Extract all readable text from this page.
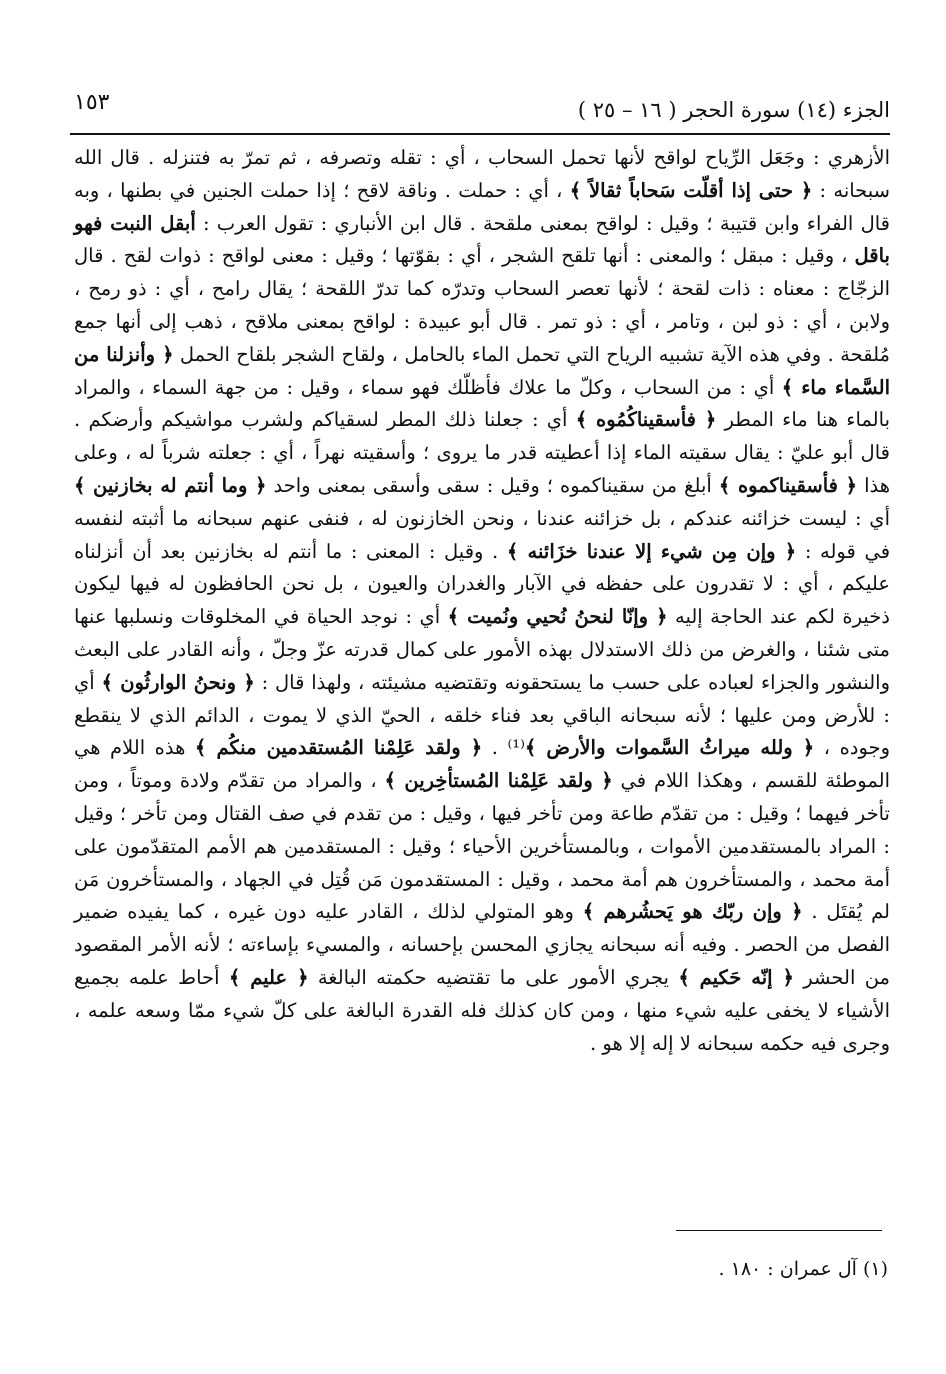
الجزء (١٤) سورة الحجر ( ١٦ – ٢٥ )
١٥٣

الأزهري : وجَعَل الرِّياح لواقح لأنها تحمل السحاب ، أي : تقله وتصرفه ، ثم تمرّ به فتنزله . قال الله سبحانه : ﴿ حتى إذا أقلّت سَحاباً ثقالاً ﴾ ، أي : حملت . وناقة لاقح ؛ إذا حملت الجنين في بطنها ، وبه قال الفراء وابن قتيبة ؛ وقيل : لواقح بمعنى ملقحة . قال ابن الأنباري : تقول العرب : أبقل النبت فهو باقل ، وقيل : مبقل ؛ والمعنى : أنها تلقح الشجر ، أي : بقوّتها ؛ وقيل : معنى لواقح : ذوات لقح . قال الزجّاج : معناه : ذات لقحة ؛ لأنها تعصر السحاب وتدرّه كما تدرّ اللقحة ؛ يقال رامح ، أي : ذو رمح ، ولابن ، أي : ذو لبن ، وتامر ، أي : ذو تمر . قال أبو عبيدة : لواقح بمعنى ملاقح ، ذهب إلى أنها جمع مُلقحة . وفي هذه الآية تشبيه الرياح التي تحمل الماء بالحامل ، ولقاح الشجر بلقاح الحمل ﴿ وأنزلنا من السَّماء ماء ﴾ أي : من السحاب ، وكلّ ما علاك فأظلّك فهو سماء ، وقيل : من جهة السماء ، والمراد بالماء هنا ماء المطر ﴿ فأسقيناكُمُوه ﴾ أي : جعلنا ذلك المطر لسقياكم ولشرب مواشيكم وأرضكم . قال أبو عليّ : يقال سقيته الماء إذا أعطيته قدر ما يروى ؛ وأسقيته نهراً ، أي : جعلته شرباً له ، وعلى هذا ﴿ فأسقيناكموه ﴾ أبلغ من سقيناكموه ؛ وقيل : سقى وأسقى بمعنى واحد ﴿ وما أنتم له بخازنين ﴾ أي : ليست خزائنه عندكم ، بل خزائنه عندنا ، ونحن الخازنون له ، فنفى عنهم سبحانه ما أثبته لنفسه في قوله : ﴿ وإن مِن شيء إلا عندنا خزَائنه ﴾ . وقيل : المعنى : ما أنتم له بخازنين بعد أن أنزلناه عليكم ، أي : لا تقدرون على حفظه في الآبار والغدران والعيون ، بل نحن الحافظون له فيها ليكون ذخيرة لكم عند الحاجة إليه ﴿ وإنّا لنحنُ نُحيي ونُميت ﴾ أي : نوجد الحياة في المخلوقات ونسلبها عنها متى شئنا ، والغرض من ذلك الاستدلال بهذه الأمور على كمال قدرته عزّ وجلّ ، وأنه القادر على البعث والنشور والجزاء لعباده على حسب ما يستحقونه وتقتضيه مشيئته ، ولهذا قال : ﴿ ونحنُ الوارثُون ﴾ أي : للأرض ومن عليها ؛ لأنه سبحانه الباقي بعد فناء خلقه ، الحيّ الذي لا يموت ، الدائم الذي لا ينقطع وجوده ، ﴿ ولله ميراثُ السَّموات والأرض ﴾⁽¹⁾ . ﴿ ولقد عَلِمْنا المُستقدمين منكُم ﴾ هذه اللام هي الموطئة للقسم ، وهكذا اللام في ﴿ ولقد عَلِمْنا المُستأخِرين ﴾ ، والمراد من تقدّم ولادة وموتاً ، ومن تأخر فيهما ؛ وقيل : من تقدّم طاعة ومن تأخر فيها ، وقيل : من تقدم في صف القتال ومن تأخر ؛ وقيل : المراد بالمستقدمين الأموات ، وبالمستأخرين الأحياء ؛ وقيل : المستقدمين هم الأمم المتقدّمون على أمة محمد ، والمستأخرون هم أمة محمد ، وقيل : المستقدمون مَن قُتِل في الجهاد ، والمستأخرون مَن لم يُقتَل . ﴿ وإن ربّك هو يَحشُرهم ﴾ وهو المتولي لذلك ، القادر عليه دون غيره ، كما يفيده ضمير الفصل من الحصر . وفيه أنه سبحانه يجازي المحسن بإحسانه ، والمسيء بإساءته ؛ لأنه الأمر المقصود من الحشر ﴿ إنّه حَكيم ﴾ يجري الأمور على ما تقتضيه حكمته البالغة ﴿ عليم ﴾ أحاط علمه بجميع الأشياء لا يخفى عليه شيء منها ، ومن كان كذلك فله القدرة البالغة على كلّ شيء ممّا وسعه علمه ، وجرى فيه حكمه سبحانه لا إله إلا هو .

(١) آل عمران : ١٨٠ .
